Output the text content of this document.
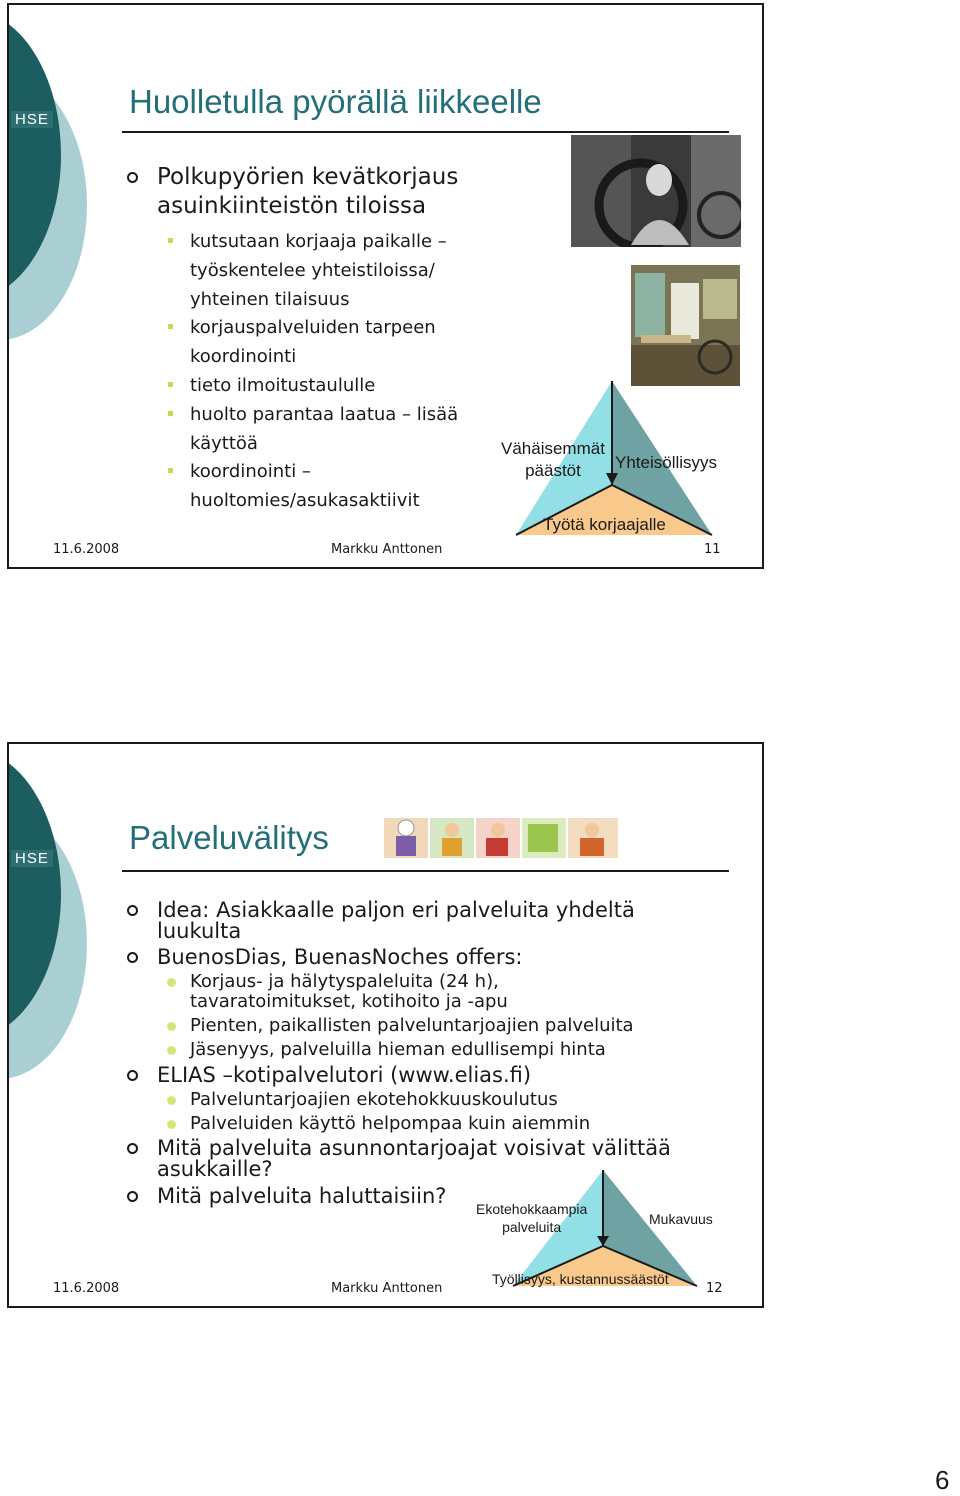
HSE Huolletulla pyörällä liikkeelle
Polkupyörien kevätkorjaus
asuinkiinteistön tiloissa
kutsutaan korjaaja paikalle –
työskentelee yhteistiloissa/
yhteinen tilaisuus
korjauspalveluiden tarpeen
koordinointi
tieto ilmoitustaululle
huolto parantaa laatua – lisää
käyttöä
koordinointi –
huoltomies/asukasaktiivit
Vähäisemmät
päästöt	Yhteisöllisyys
Työtä korjaajalle
11.6.2008	Markku Anttonen	11
HSE
Palveluvälitys
Idea: Asiakkaalle paljon eri palveluita yhdeltä
luukulta
BuenosDias, BuenasNoches offers:
Korjaus- ja hälytyspaleluita (24 h),
tavaratoimitukset, kotihoito ja -apu
Pienten, paikallisten palveluntarjoajien palveluita
Jäsenyys, palveluilla hieman edullisempi hinta
ELIAS –kotipalvelutori (www.elias.fi)
Palveluntarjoajien ekotehokkuuskoulutus
Palveluiden käyttö helpompaa kuin aiemmin
Mitä palveluita asunnontarjoajat voisivat välittää
asukkaille?
Mitä palveluita haluttaisiin?
Ekotehokkaampia
palveluita	Mukavuus
Työllisyys, kustannussäästöt
11.6.2008	Markku Anttonen	12
6
